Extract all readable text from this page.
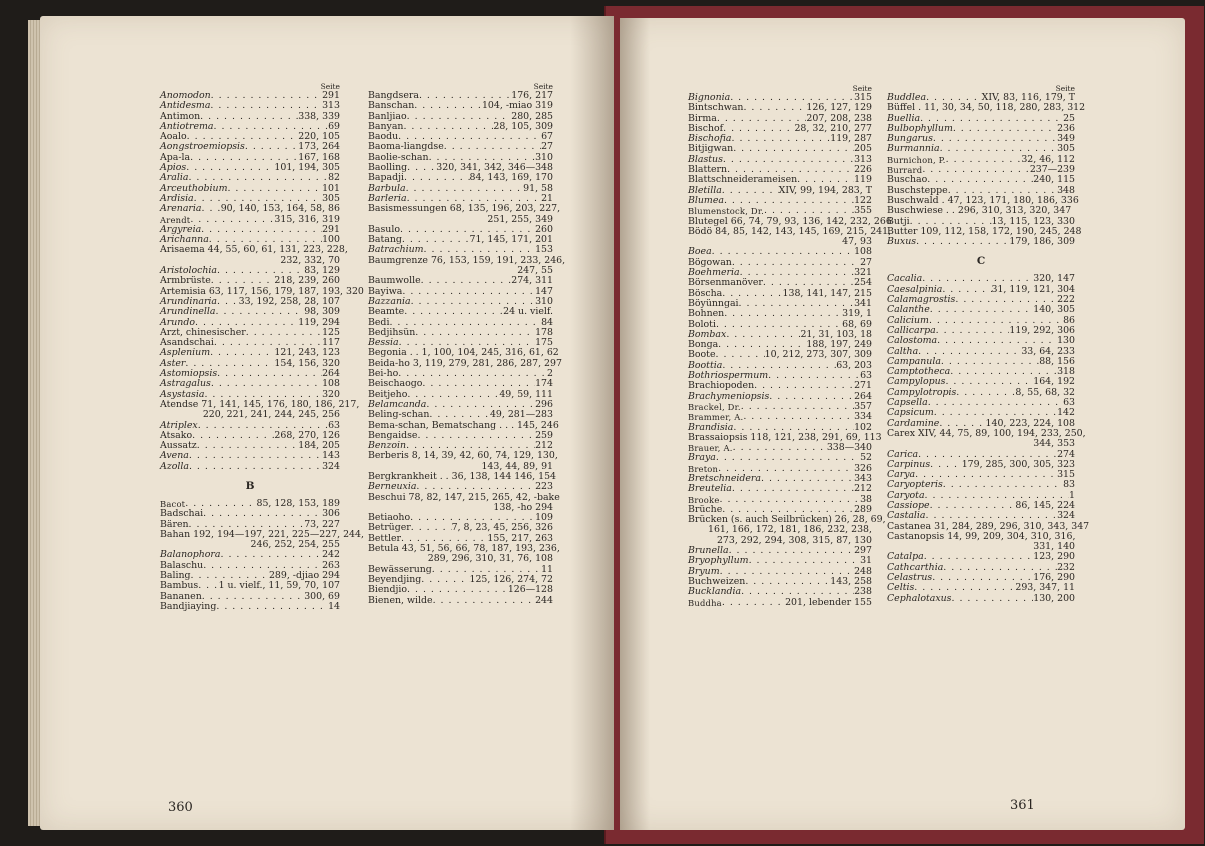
Seite
Anomodon . . .	291
Antidesma . . .	313
Antimon . . .	338, 339
Antiotrema . . .	69
Aoalo . . .	220, 105
Aongstroemiopsis . . .	173, 264
Apa-la . . .	167, 168
Apios . . .	101, 194, 305
Aralia . . .	82
Arceuthobium . . .	101
Ardisia . . .	305
Arenaria . . . 90, 140, 153, 164, 58, 86
Arendt . . .	315, 316, 319
Argyreia . . .	291
Arichanna . . .	100
Arisaema 44, 55, 60, 61, 131, 223, 228,
232, 332, 70
Aristolochia . . .	83, 129
Armbrüste . . .	218, 239, 260
Artemisia 63, 117, 156, 179, 187, 193, 320
Arundinaria . . . 33, 192, 258, 28, 107
Arundinella . . .	98, 309
Arundo . . .	119, 294
Arzt, chinesischer . . .	125
Asandschai . . .	117
Asplenium . . .	121, 243, 123
Aster . . .	154, 156, 320
Astomiopsis . . .	264
Astragalus . . .	108
Asystasia . . .	320
Atendse 71, 141, 145, 176, 180, 186, 217,
220, 221, 241, 244, 245, 256
Atriplex . . .	63
Atsako . . .	268, 270, 126
Aussatz . . .	184, 205
Avena . . .	143
Azolla . . .	324
B
Bacot . . .	85, 128, 153, 189
Badschai . . .	306
Bären . . .	73, 227
Bahan 192, 194—197, 221, 225—227, 244,
246, 252, 254, 255
Balanophora . . .	242
Balaschu . . .	263
Baling . . .	289, -djiao 294
Bambus . . . 1 u. vielf., 11, 59, 70, 107
Bananen . . .	300, 69
Bandjiaying . . .	14
Seite
Bangdsera . . .	176, 217
Banschan . . .	104, -miao 319
Banljiao . . .	280, 285
Banyan . . .	28, 105, 309
Baodu . . .	67
Baoma-liangdse . . .	27
Baolie-schan . . .	310
Baolling . . .	320, 341, 342, 346—348
Bapadji . . .	84, 143, 169, 170
Barbula . . .	91, 58
Barleria . . .	21
Basismessungen 68, 135, 196, 203, 227,
251, 255, 349
Basulo . . .	260
Batang . . .	71, 145, 171, 201
Batrachium . . .	153
Baumgrenze 76, 153, 159, 191, 233, 246,
247, 55
Baumwolle . . .	274, 311
Bayiwa . . .	147
Bazzania . . .	310
Beamte . . .	24 u. vielf.
Bedi . . .	84
Bedjihsün . . .	178
Bessia . . .	175
Begonia . . 1, 100, 104, 245, 316, 61, 62
Beida-ho 3, 119, 279, 281, 286, 287, 297
Bei-ho . . .	2
Beischaogo . . .	174
Beitjeho . . .	49, 59, 111
Belamcanda . . .	296
Beling-schan . . .	49, 281—283
Bema-schan, Bematschang . . . 145, 246
Bengaidse . . .	259
Benzoin . . .	212
Berberis 8, 14, 39, 42, 60, 74, 129, 130,
143, 44, 89, 91
Bergkrankheit . . 36, 138, 144 146, 154
Berneuxia . . .	223
Beschui 78, 82, 147, 215, 265, 42, -bakе
138, -ho 294
Betiaoho . . .	109
Betrüger . . .	7, 8, 23, 45, 256, 326
Bettler . . .	155, 217, 263
Betula 43, 51, 56, 66, 78, 187, 193, 236,
289, 296, 310, 31, 76, 108
Bewässerung . . .	11
Beyendjing . . .	125, 126, 274, 72
Biendjio . . .	126—128
Bienen, wilde . . .	244
Seite
Bignonia . . .	315
Bintschwan . . .	126, 127, 129
Birma . . .	207, 208, 238
Bischof . . .	28, 32, 210, 277
Bischofia . . .	119, 287
Bitjigwan . . .	205
Blastus . . .	313
Blattern . . .	226
Blattschneideramеisen . . .	119
Bletilla . . .	XIV, 99, 194, 283, T
Blumea . . .	122
Blumenstock, Dr. . . .	355
Blutegel 66, 74, 79, 93, 136, 142, 232, 266
Bödö 84, 85, 142, 143, 145, 169, 215, 241,
47, 93
Boea . . .	108
Bögowan . . .	27
Boehmeria . . .	321
Börsenmanöver . . .	254
Böscha . . .	138, 141, 147, 215
Böyünngai . . .	341
Bohnen . . .	319, 1
Boloti . . .	68, 69
Bombax . . .	21, 31, 103, 18
Bonga . . .	188, 197, 249
Boote . . .	10, 212, 273, 307, 309
Boottia . . .	63, 203
Bothriospermum . . .	63
Brachiopoden . . .	271
Brachymeniopsis . . .	264
Brackel, Dr. . . .	357
Brammer, A. . . .	334
Brandisia . . .	102
Brassaiopsis 118, 121, 238, 291, 69, 113
Brauer, A. . . .	338—340
Braya . . .	52
Breton . . .	326
Bretschneidera . . .	343
Breutelia . . .	212
Brooke . . .	38
Brüche . . .	289
Brücken (s. auch Seilbrücken) 26, 28, 69,
161, 166, 172, 181, 186, 232, 238,
273, 292, 294, 308, 315, 87, 130
Brunella . . .	297
Bryophyllum . . .	31
Bryum . . .	248
Buchweizen . . .	143, 258
Bucklandia . . .	238
Buddha . . .	201, lebender 155
Seite
Buddlea . . .	XIV, 83, 116, 179, T
Büffel . 11, 30, 34, 50, 118, 280, 283, 312
Buellia . . .	25
Bulbophyllum . . .	236
Bungarus . . .	349
Burmannia . . .	305
Burnichon, P. . . .	32, 46, 112
Burrard . . .	237—239
Buschao . . .	240, 115
Buschsteppe . . .	348
Buschwald . 47, 123, 171, 180, 186, 336
Buschwiese . . 296, 310, 313, 320, 347
Butji . . .	13, 115, 123, 330
Butter 109, 112, 158, 172, 190, 245, 248
Buxus . . .	179, 186, 309
C
Cacalia . . .	320, 147
Caesalpinia . . .	31, 119, 121, 304
Calamagrostis . . .	222
Calanthe . . .	140, 305
Calicium . . .	86
Callicarpa . . .	119, 292, 306
Calostoma . . .	130
Caltha . . .	33, 64, 233
Campanula . . .	88, 156
Camptotheca . . .	318
Campylopus . . .	164, 192
Campylotropis . . .	8, 55, 68, 32
Capsella . . .	63
Capsicum . . .	142
Cardamine . . .	140, 223, 224, 108
Carex XIV, 44, 75, 89, 100, 194, 233, 250,
344, 353
Carica . . .	274
Carpinus . . .	179, 285, 300, 305, 323
Carya . . .	315
Caryopteris . . .	83
Caryota . . .	1
Cassiope . . .	86, 145, 224
Castalia . . .	324
Castanea 31, 284, 289, 296, 310, 343, 347
Castanopsis 14, 99, 209, 304, 310, 316,
331, 140
Catalpa . . .	123, 290
Cathcarthia . . .	232
Celastrus . . .	176, 290
Celtis . . .	293, 347, 11
Cephalotaxus . . .	130, 200
360	361
